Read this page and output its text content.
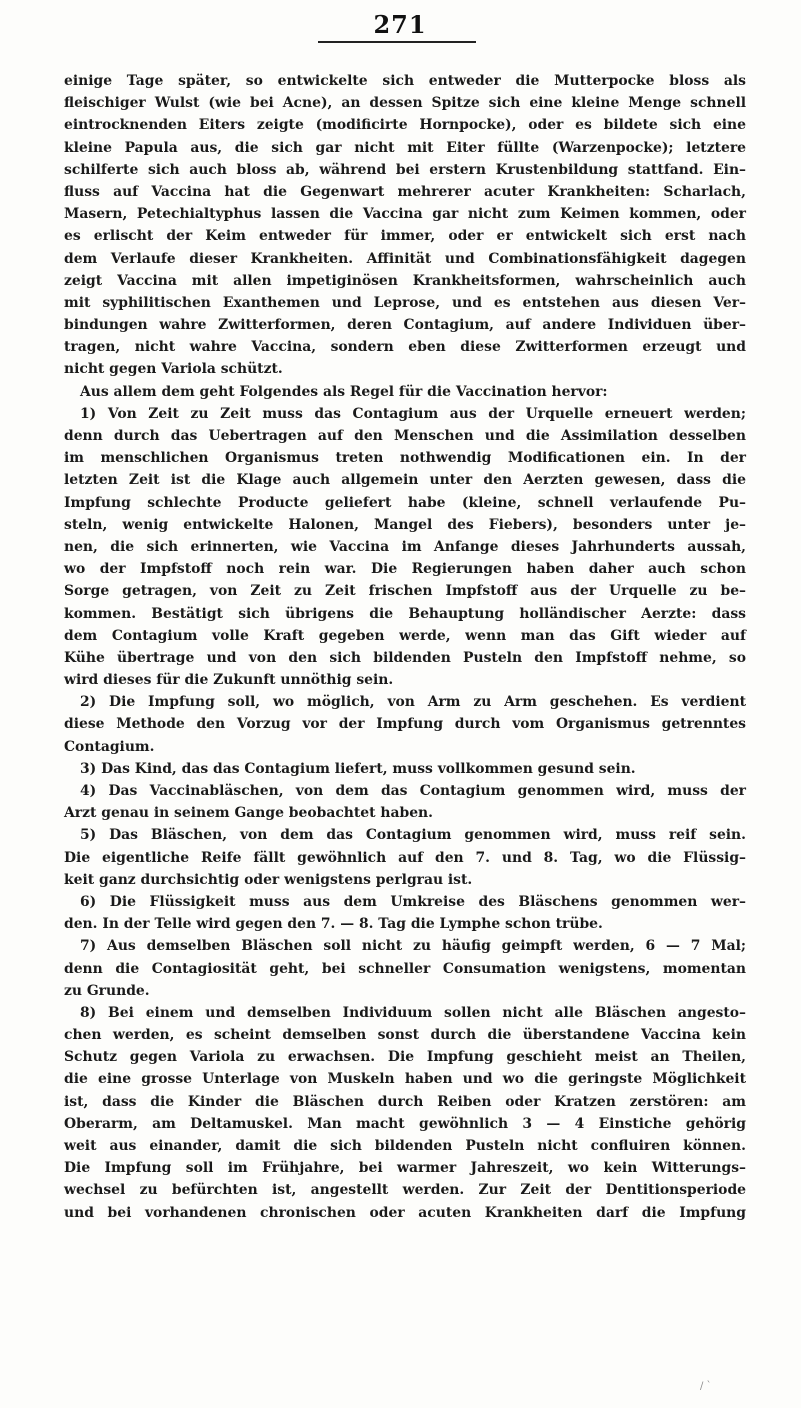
271
einige Tage später, so entwickelte sich entweder die Mutterpocke bloss als
fleischiger Wulst (wie bei Acne), an dessen Spitze sich eine kleine Menge schnell
eintrocknenden Eiters zeigte (modificirte Hornpocke), oder es bildete sich eine
kleine Papula aus, die sich gar nicht mit Eiter füllte (Warzenpocke); letztere
schilferte sich auch bloss ab, während bei erstern Krustenbildung stattfand. Ein–
fluss auf Vaccina hat die Gegenwart mehrerer acuter Krankheiten: Scharlach,
Masern, Petechialtyphus lassen die Vaccina gar nicht zum Keimen kommen, oder
es erlischt der Keim entweder für immer, oder er entwickelt sich erst nach
dem Verlaufe dieser Krankheiten. Affinität und Combinationsfähigkeit dagegen
zeigt Vaccina mit allen impetiginösen Krankheitsformen, wahrscheinlich auch
mit syphilitischen Exanthemen und Leprose, und es entstehen aus diesen Ver–
bindungen wahre Zwitterformen, deren Contagium, auf andere Individuen über–
tragen, nicht wahre Vaccina, sondern eben diese Zwitterformen erzeugt und
nicht gegen Variola schützt.
Aus allem dem geht Folgendes als Regel für die Vaccination hervor:
1) Von Zeit zu Zeit muss das Contagium aus der Urquelle erneuert werden;
denn durch das Uebertragen auf den Menschen und die Assimilation desselben
im menschlichen Organismus treten nothwendig Modificationen ein. In der
letzten Zeit ist die Klage auch allgemein unter den Aerzten gewesen, dass die
Impfung schlechte Producte geliefert habe (kleine, schnell verlaufende Pu–
steln, wenig entwickelte Halonen, Mangel des Fiebers), besonders unter je–
nen, die sich erinnerten, wie Vaccina im Anfange dieses Jahrhunderts aussah,
wo der Impfstoff noch rein war. Die Regierungen haben daher auch schon
Sorge getragen, von Zeit zu Zeit frischen Impfstoff aus der Urquelle zu be–
kommen. Bestätigt sich übrigens die Behauptung holländischer Aerzte: dass
dem Contagium volle Kraft gegeben werde, wenn man das Gift wieder auf
Kühe übertrage und von den sich bildenden Pusteln den Impfstoff nehme, so
wird dieses für die Zukunft unnöthig sein.
2) Die Impfung soll, wo möglich, von Arm zu Arm geschehen. Es verdient
diese Methode den Vorzug vor der Impfung durch vom Organismus getrenntes
Contagium.
3) Das Kind, das das Contagium liefert, muss vollkommen gesund sein.
4) Das Vaccinabläschen, von dem das Contagium genommen wird, muss der
Arzt genau in seinem Gange beobachtet haben.
5) Das Bläschen, von dem das Contagium genommen wird, muss reif sein.
Die eigentliche Reife fällt gewöhnlich auf den 7. und 8. Tag, wo die Flüssig–
keit ganz durchsichtig oder wenigstens perlgrau ist.
6) Die Flüssigkeit muss aus dem Umkreise des Bläschens genommen wer–
den. In der Telle wird gegen den 7. — 8. Tag die Lymphe schon trübe.
7) Aus demselben Bläschen soll nicht zu häufig geimpft werden, 6 — 7 Mal;
denn die Contagiosität geht, bei schneller Consumation wenigstens, momentan
zu Grunde.
8) Bei einem und demselben Individuum sollen nicht alle Bläschen angesto–
chen werden, es scheint demselben sonst durch die überstandene Vaccina kein
Schutz gegen Variola zu erwachsen. Die Impfung geschieht meist an Theilen,
die eine grosse Unterlage von Muskeln haben und wo die geringste Möglichkeit
ist, dass die Kinder die Bläschen durch Reiben oder Kratzen zerstören: am
Oberarm, am Deltamuskel. Man macht gewöhnlich 3 — 4 Einstiche gehörig
weit aus einander, damit die sich bildenden Pusteln nicht confluiren können.
Die Impfung soll im Frühjahre, bei warmer Jahreszeit, wo kein Witterungs–
wechsel zu befürchten ist, angestellt werden. Zur Zeit der Dentitionsperiode
und bei vorhandenen chronischen oder acuten Krankheiten darf die Impfung
/ ˋ
